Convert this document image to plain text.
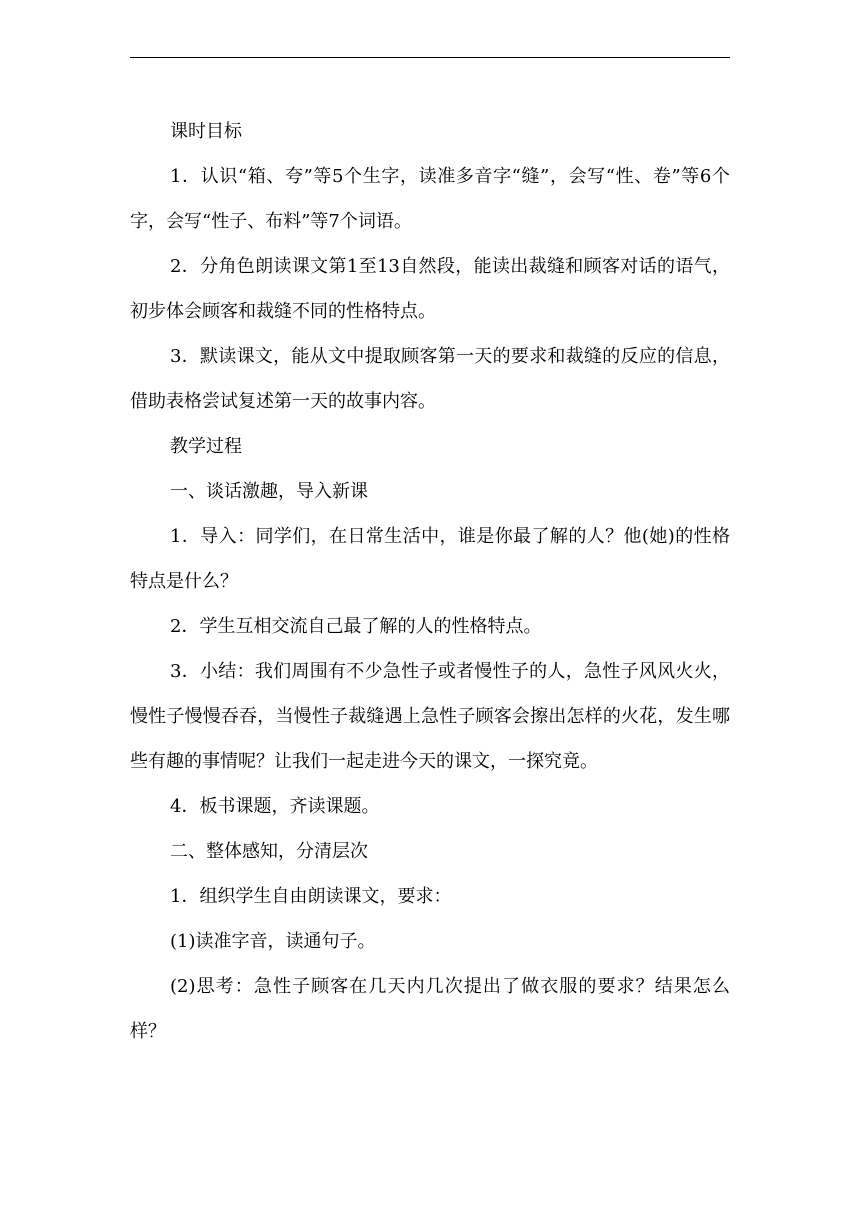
课时目标

1．认识“箱、夸”等5个生字，读准多音字“缝”，会写“性、卷”等6个字，会写“性子、布料”等7个词语。

2．分角色朗读课文第1至13自然段，能读出裁缝和顾客对话的语气，初步体会顾客和裁缝不同的性格特点。

3．默读课文，能从文中提取顾客第一天的要求和裁缝的反应的信息，借助表格尝试复述第一天的故事内容。

教学过程

一、谈话激趣，导入新课

1．导入：同学们，在日常生活中，谁是你最了解的人？他(她)的性格特点是什么？

2．学生互相交流自己最了解的人的性格特点。

3．小结：我们周围有不少急性子或者慢性子的人，急性子风风火火，慢性子慢慢吞吞，当慢性子裁缝遇上急性子顾客会擦出怎样的火花，发生哪些有趣的事情呢？让我们一起走进今天的课文，一探究竟。

4．板书课题，齐读课题。

二、整体感知，分清层次

1．组织学生自由朗读课文，要求：

(1)读准字音，读通句子。

(2)思考：急性子顾客在几天内几次提出了做衣服的要求？结果怎么样？
